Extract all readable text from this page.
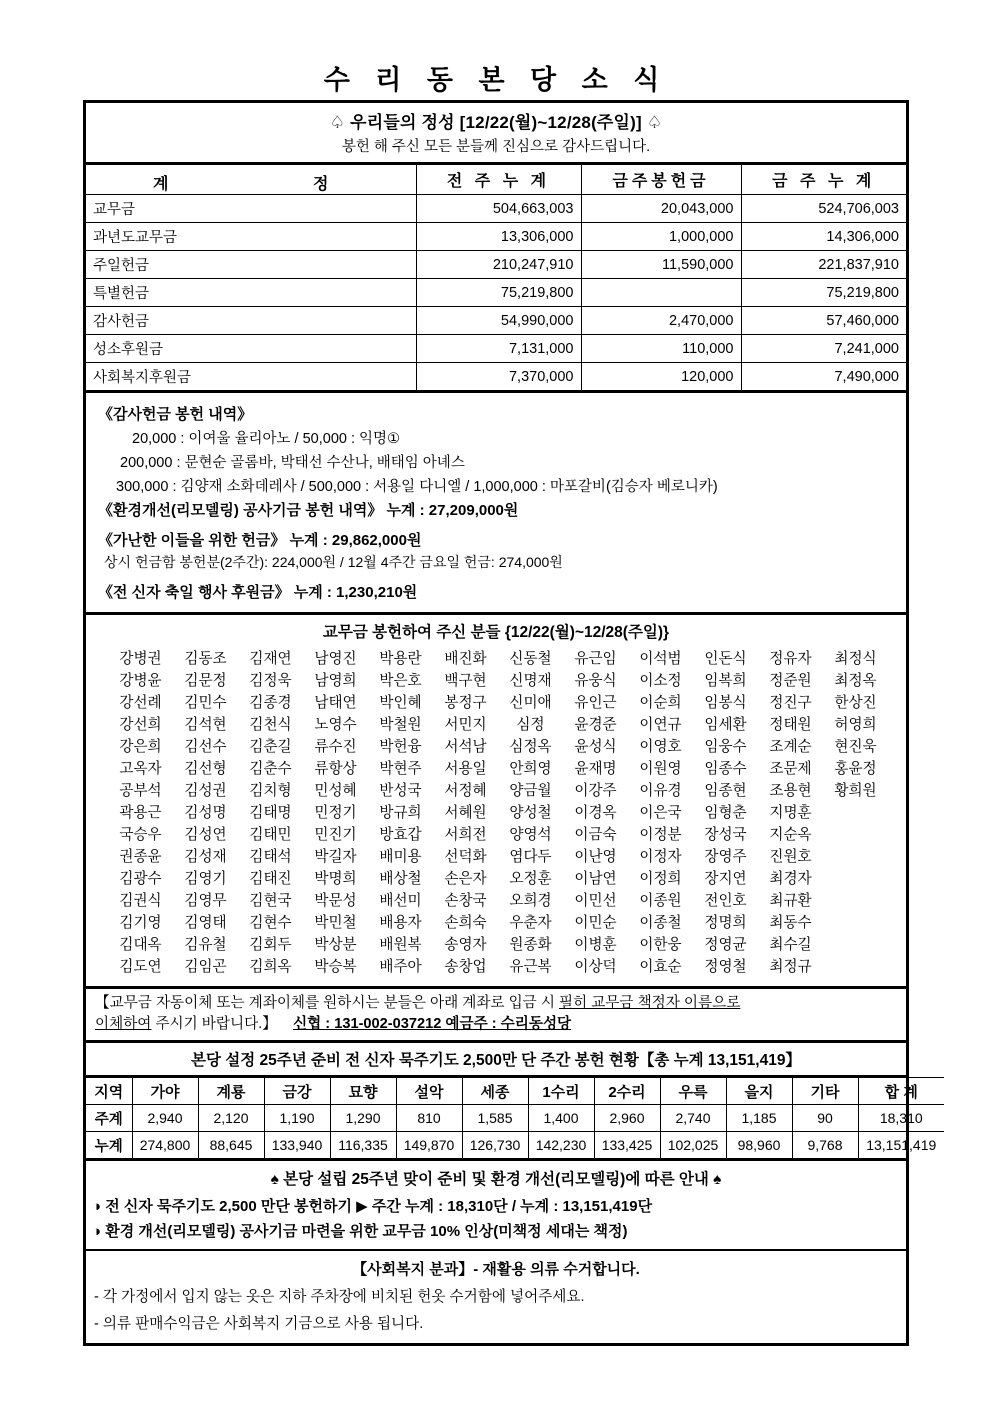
수 리 동 본 당 소 식
♤ 우리들의 정성 [12/22(월)~12/28(주일)] ♤
봉헌 해 주신 모든 분들께 진심으로 감사드립니다.
계 정	전 주 누 계	금주봉헌금	금 주 누 계
교무금	504,663,003	20,043,000	524,706,003
과년도교무금	13,306,000	1,000,000	14,306,000
주일헌금	210,247,910	11,590,000	221,837,910
특별헌금	75,219,800		75,219,800
감사헌금	54,990,000	2,470,000	57,460,000
성소후원금	7,131,000	110,000	7,241,000
사회복지후원금	7,370,000	120,000	7,490,000
《감사헌금 봉헌 내역》
20,000 : 이여울 율리아노 / 50,000 : 익명①
200,000 : 문현순 골롬바, 박태선 수산나, 배태임 아녜스
300,000 : 김양재 소화데레사 / 500,000 : 서용일 다니엘 / 1,000,000 : 마포갈비(김승자 베로니카)
《환경개선(리모델링) 공사기금 봉헌 내역》 누계 : 27,209,000원
《가난한 이들을 위한 헌금》 누계 : 29,862,000원
상시 헌금함 봉헌분(2주간): 224,000원 / 12월 4주간 금요일 헌금: 274,000원
《전 신자 축일 행사 후원금》 누계 : 1,230,210원
교무금 봉헌하여 주신 분들 {12/22(월)~12/28(주일)}
강병권	김동조	김재연	남영진	박용란	배진화	신동철	유근임	이석범	인돈식	정유자	최정식
강병윤	김문정	김정욱	남영희	박은호	백구현	신명재	유웅식	이소정	임복희	정준원	최정옥
강선례	김민수	김종경	남태연	박인혜	봉정구	신미애	유인근	이순희	임봉식	정진구	한상진
강선희	김석현	김천식	노영수	박철원	서민지	심정	윤경준	이연규	임세환	정태원	허영희
강은희	김선수	김춘길	류수진	박헌융	서석남	심정옥	윤성식	이영호	임웅수	조계순	현진욱
고옥자	김선형	김춘수	류항상	박현주	서용일	안희영	윤재명	이원영	임종수	조문제	홍윤정
공부석	김성권	김치형	민성혜	반성국	서정혜	양금월	이강주	이유경	임종현	조용현	황희원
곽용근	김성명	김태명	민정기	방규희	서혜원	양성철	이경옥	이은국	임형춘	지명훈
국승우	김성연	김태민	민진기	방효갑	서희전	양영석	이금숙	이정분	장성국	지순옥
권종윤	김성재	김태석	박길자	배미용	선덕화	염다두	이난영	이정자	장영주	진원호
김광수	김영기	김태진	박명희	배상철	손은자	오정훈	이남연	이정희	장지연	최경자
김권식	김영무	김현국	박문성	배선미	손창국	오희경	이민선	이종원	전인호	최규환
김기영	김영태	김현수	박민철	배용자	손희숙	우춘자	이민순	이종철	정명희	최동수
김대옥	김유철	김회두	박상분	배원복	송영자	원종화	이병훈	이한웅	정영균	최수길
김도연	김임곤	김희옥	박승복	배주아	송창업	유근복	이상덕	이효순	정영철	최정규
【교무금 자동이체 또는 계좌이체를 원하시는 분들은 아래 계좌로 입금 시 필히 교무금 책정자 이름으로
이체하여 주시기 바랍니다.】 신협 : 131-002-037212 예금주 : 수리동성당
본당 설정 25주년 준비 전 신자 묵주기도 2,500만 단 주간 봉헌 현황【총 누계 13,151,419】
지역	가야	계룡	금강	묘향	설악	세종	1수리	2수리	우륵	을지	기타	합 계
주계	2,940	2,120	1,190	1,290	810	1,585	1,400	2,960	2,740	1,185	90	18,310
누계	274,800	88,645	133,940	116,335	149,870	126,730	142,230	133,425	102,025	98,960	9,768	13,151,419
♠ 본당 설립 25주년 맞이 준비 및 환경 개선(리모델링)에 따른 안내 ♠
◑ 전 신자 묵주기도 2,500 만단 봉헌하기 ▶ 주간 누계 : 18,310단 / 누계 : 13,151,419단
◑ 환경 개선(리모델링) 공사기금 마련을 위한 교무금 10% 인상(미책정 세대는 책정)
【사회복지 분과】- 재활용 의류 수거합니다.
- 각 가정에서 입지 않는 옷은 지하 주차장에 비치된 헌옷 수거함에 넣어주세요.
- 의류 판매수익금은 사회복지 기금으로 사용 됩니다.
